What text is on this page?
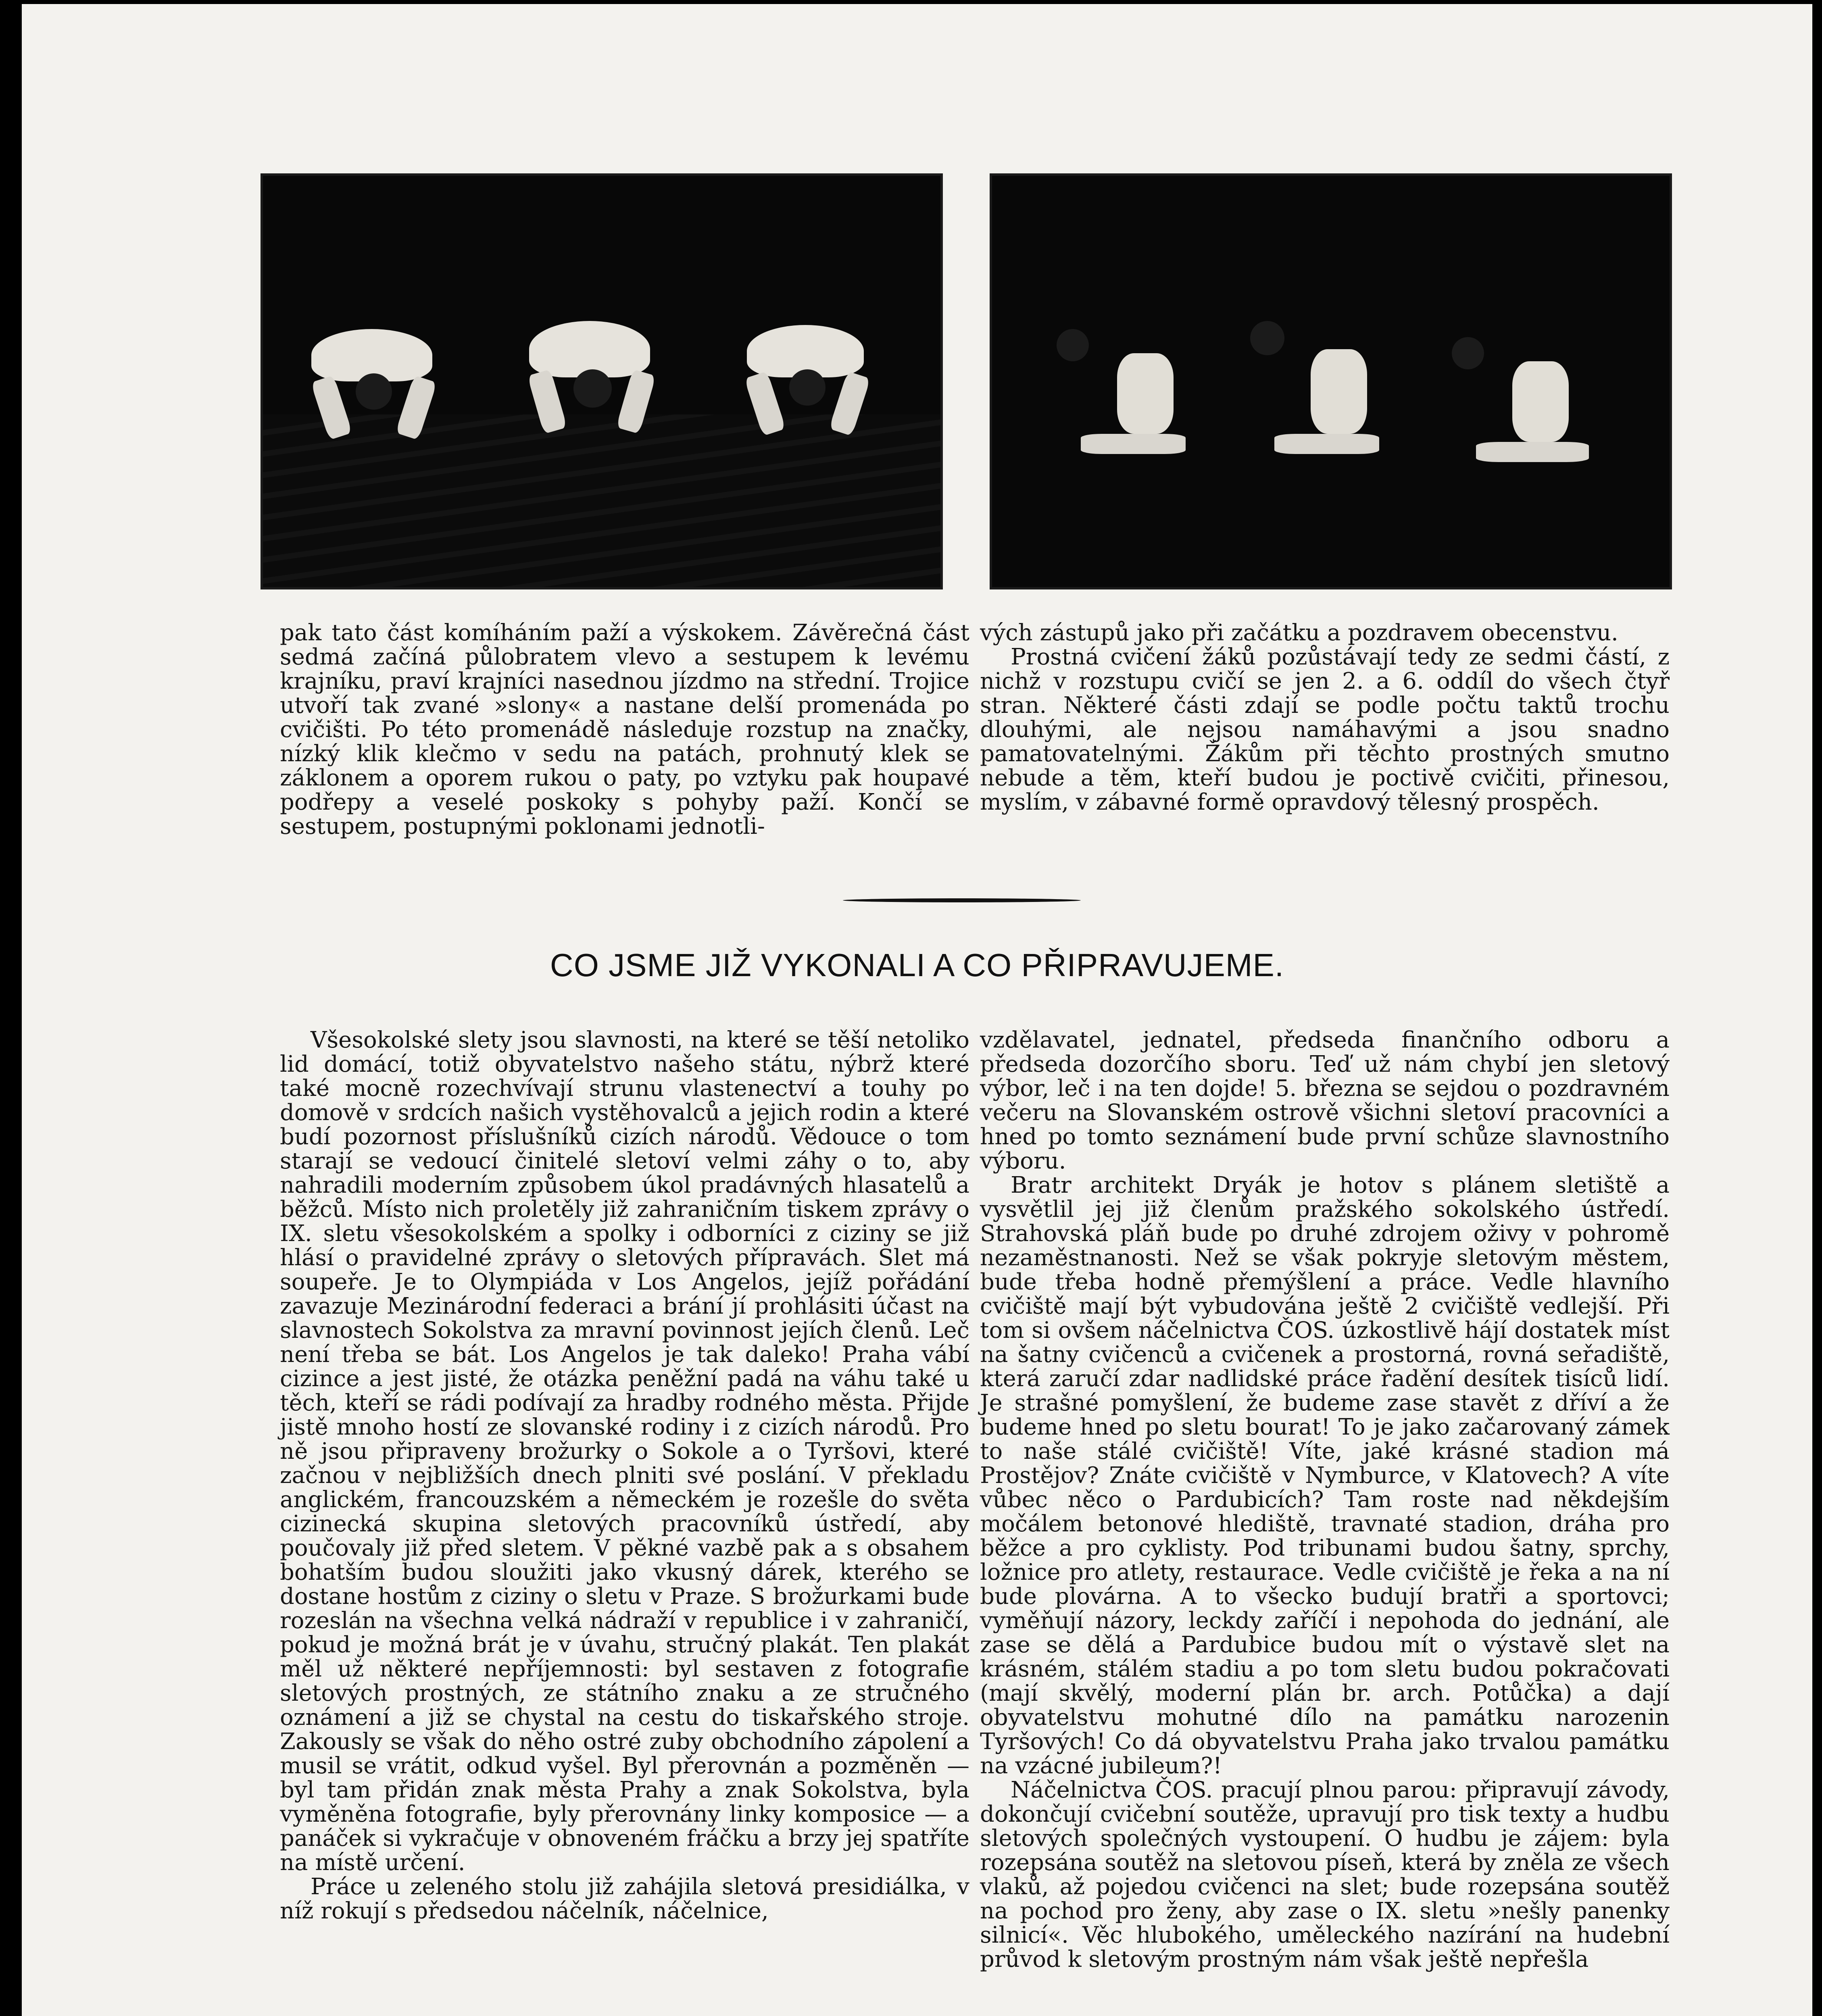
pak tato část komíháním paží a výskokem. Závěrečná část sedmá začíná půlobratem vlevo a sestupem k levému krajníku, praví krajníci nasednou jízdmo na střední. Trojice utvoří tak zvané »slony« a nastane delší promenáda po cvičišti. Po této promenádě následuje rozstup na značky, nízký klik klečmo v sedu na patách, prohnutý klek se záklonem a oporem rukou o paty, po vztyku pak houpavé podřepy a veselé poskoky s pohyby paží. Končí se sestupem, postupnými poklonami jednotli-

vých zástupů jako při začátku a pozdravem obecenstvu.

Prostná cvičení žáků pozůstávají tedy ze sedmi částí, z nichž v rozstupu cvičí se jen 2. a 6. oddíl do všech čtyř stran. Některé části zdají se podle počtu taktů trochu dlouhými, ale nejsou namáhavými a jsou snadno pamatovatelnými. Žákům při těchto prostných smutno nebude a těm, kteří budou je poctivě cvičiti, přinesou, myslím, v zábavné formě opravdový tělesný prospěch.

CO JSME JIŽ VYKONALI A CO PŘIPRAVUJEME.

Všesokolské slety jsou slavnosti, na které se těší netoliko lid domácí, totiž obyvatelstvo našeho státu, nýbrž které také mocně rozechvívají strunu vlastenectví a touhy po domově v srdcích našich vystěhovalců a jejich rodin a které budí pozornost příslušníků cizích národů. Vědouce o tom starají se vedoucí činitelé sletoví velmi záhy o to, aby nahradili moderním způsobem úkol pradávných hlasatelů a běžců. Místo nich proletěly již zahraničním tiskem zprávy o IX. sletu všesokolském a spolky i odborníci z ciziny se již hlásí o pravidelné zprávy o sletových přípravách. Slet má soupeře. Je to Olympiáda v Los Angelos, jejíž pořádání zavazuje Mezinárodní federaci a brání jí prohlásiti účast na slavnostech Sokolstva za mravní povinnost jejích členů. Leč není třeba se bát. Los Angelos je tak daleko! Praha vábí cizince a jest jisté, že otázka peněžní padá na váhu také u těch, kteří se rádi podívají za hradby rodného města. Přijde jistě mnoho hostí ze slovanské rodiny i z cizích národů. Pro ně jsou připraveny brožurky o Sokole a o Tyršovi, které začnou v nejbližších dnech plniti své poslání. V překladu anglickém, francouzském a německém je rozešle do světa cizinecká skupina sletových pracovníků ústředí, aby poučovaly již před sletem. V pěkné vazbě pak a s obsahem bohatším budou sloužiti jako vkusný dárek, kterého se dostane hostům z ciziny o sletu v Praze. S brožurkami bude rozeslán na všechna velká nádraží v republice i v zahraničí, pokud je možná brát je v úvahu, stručný plakát. Ten plakát měl už některé nepříjemnosti: byl sestaven z fotografie sletových prostných, ze státního znaku a ze stručného oznámení a již se chystal na cestu do tiskařského stroje. Zakously se však do něho ostré zuby obchodního zápolení a musil se vrátit, odkud vyšel. Byl přerovnán a pozměněn — byl tam přidán znak města Prahy a znak Sokolstva, byla vyměněna fotografie, byly přerovnány linky komposice — a panáček si vykračuje v obnoveném fráčku a brzy jej spatříte na místě určení.

Práce u zeleného stolu již zahájila sletová presidiálka, v níž rokují s předsedou náčelník, náčelnice,

vzdělavatel, jednatel, předseda finančního odboru a předseda dozorčího sboru. Teď už nám chybí jen sletový výbor, leč i na ten dojde! 5. března se sejdou o pozdravném večeru na Slovanském ostrově všichni sletoví pracovníci a hned po tomto seznámení bude první schůze slavnostního výboru.

Bratr architekt Dryák je hotov s plánem sletiště a vysvětlil jej již členům pražského sokolského ústředí. Strahovská pláň bude po druhé zdrojem oživy v pohromě nezaměstnanosti. Než se však pokryje sletovým městem, bude třeba hodně přemýšlení a práce. Vedle hlavního cvičiště mají být vybudována ještě 2 cvičiště vedlejší. Při tom si ovšem náčelnictva ČOS. úzkostlivě hájí dostatek míst na šatny cvičenců a cvičenek a prostorná, rovná seřadiště, která zaručí zdar nadlidské práce řadění desítek tisíců lidí. Je strašné pomyšlení, že budeme zase stavět z dříví a že budeme hned po sletu bourat! To je jako začarovaný zámek to naše stálé cvičiště! Víte, jaké krásné stadion má Prostějov? Znáte cvičiště v Nymburce, v Klatovech? A víte vůbec něco o Pardubicích? Tam roste nad někdejším močálem betonové hlediště, travnaté stadion, dráha pro běžce a pro cyklisty. Pod tribunami budou šatny, sprchy, ložnice pro atlety, restaurace. Vedle cvičiště je řeka a na ní bude plovárna. A to všecko budují bratři a sportovci; vyměňují názory, leckdy zaříčí i nepohoda do jednání, ale zase se dělá a Pardubice budou mít o výstavě slet na krásném, stálém stadiu a po tom sletu budou pokračovati (mají skvělý, moderní plán br. arch. Potůčka) a dají obyvatelstvu mohutné dílo na památku narozenin Tyršových! Co dá obyvatelstvu Praha jako trvalou památku na vzácné jubileum?!

Náčelnictva ČOS. pracují plnou parou: připravují závody, dokončují cvičební soutěže, upravují pro tisk texty a hudbu sletových společných vystoupení. O hudbu je zájem: byla rozepsána soutěž na sletovou píseň, která by zněla ze všech vlaků, až pojedou cvičenci na slet; bude rozepsána soutěž na pochod pro ženy, aby zase o IX. sletu »nešly panenky silnicí«. Věc hlubokého, uměleckého nazírání na hudební průvod k sletovým prostným nám však ještě nepřešla
